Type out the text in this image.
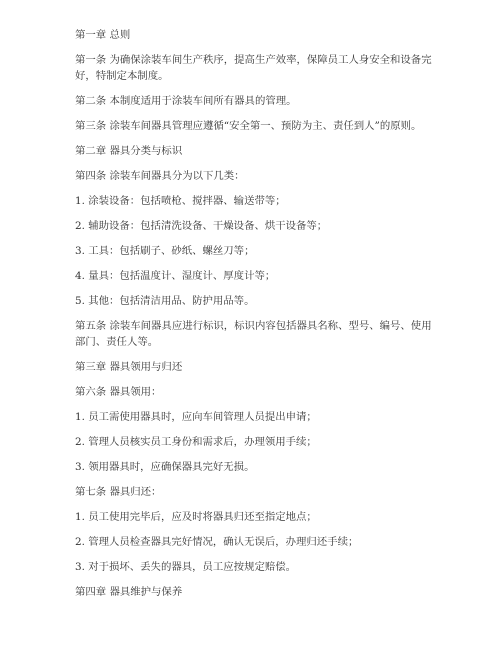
第一章 总则

第一条 为确保涂装车间生产秩序，提高生产效率，保障员工人身安全和设备完好，特制定本制度。

第二条 本制度适用于涂装车间所有器具的管理。

第三条 涂装车间器具管理应遵循“安全第一、预防为主、责任到人”的原则。

第二章 器具分类与标识

第四条 涂装车间器具分为以下几类：

1. 涂装设备：包括喷枪、搅拌器、输送带等；

2. 辅助设备：包括清洗设备、干燥设备、烘干设备等；

3. 工具：包括刷子、砂纸、螺丝刀等；

4. 量具：包括温度计、湿度计、厚度计等；

5. 其他：包括清洁用品、防护用品等。

第五条 涂装车间器具应进行标识，标识内容包括器具名称、型号、编号、使用部门、责任人等。

第三章 器具领用与归还

第六条 器具领用：

1. 员工需使用器具时，应向车间管理人员提出申请；

2. 管理人员核实员工身份和需求后，办理领用手续；

3. 领用器具时，应确保器具完好无损。

第七条 器具归还：

1. 员工使用完毕后，应及时将器具归还至指定地点；

2. 管理人员检查器具完好情况，确认无误后，办理归还手续；

3. 对于损坏、丢失的器具，员工应按规定赔偿。

第四章 器具维护与保养
